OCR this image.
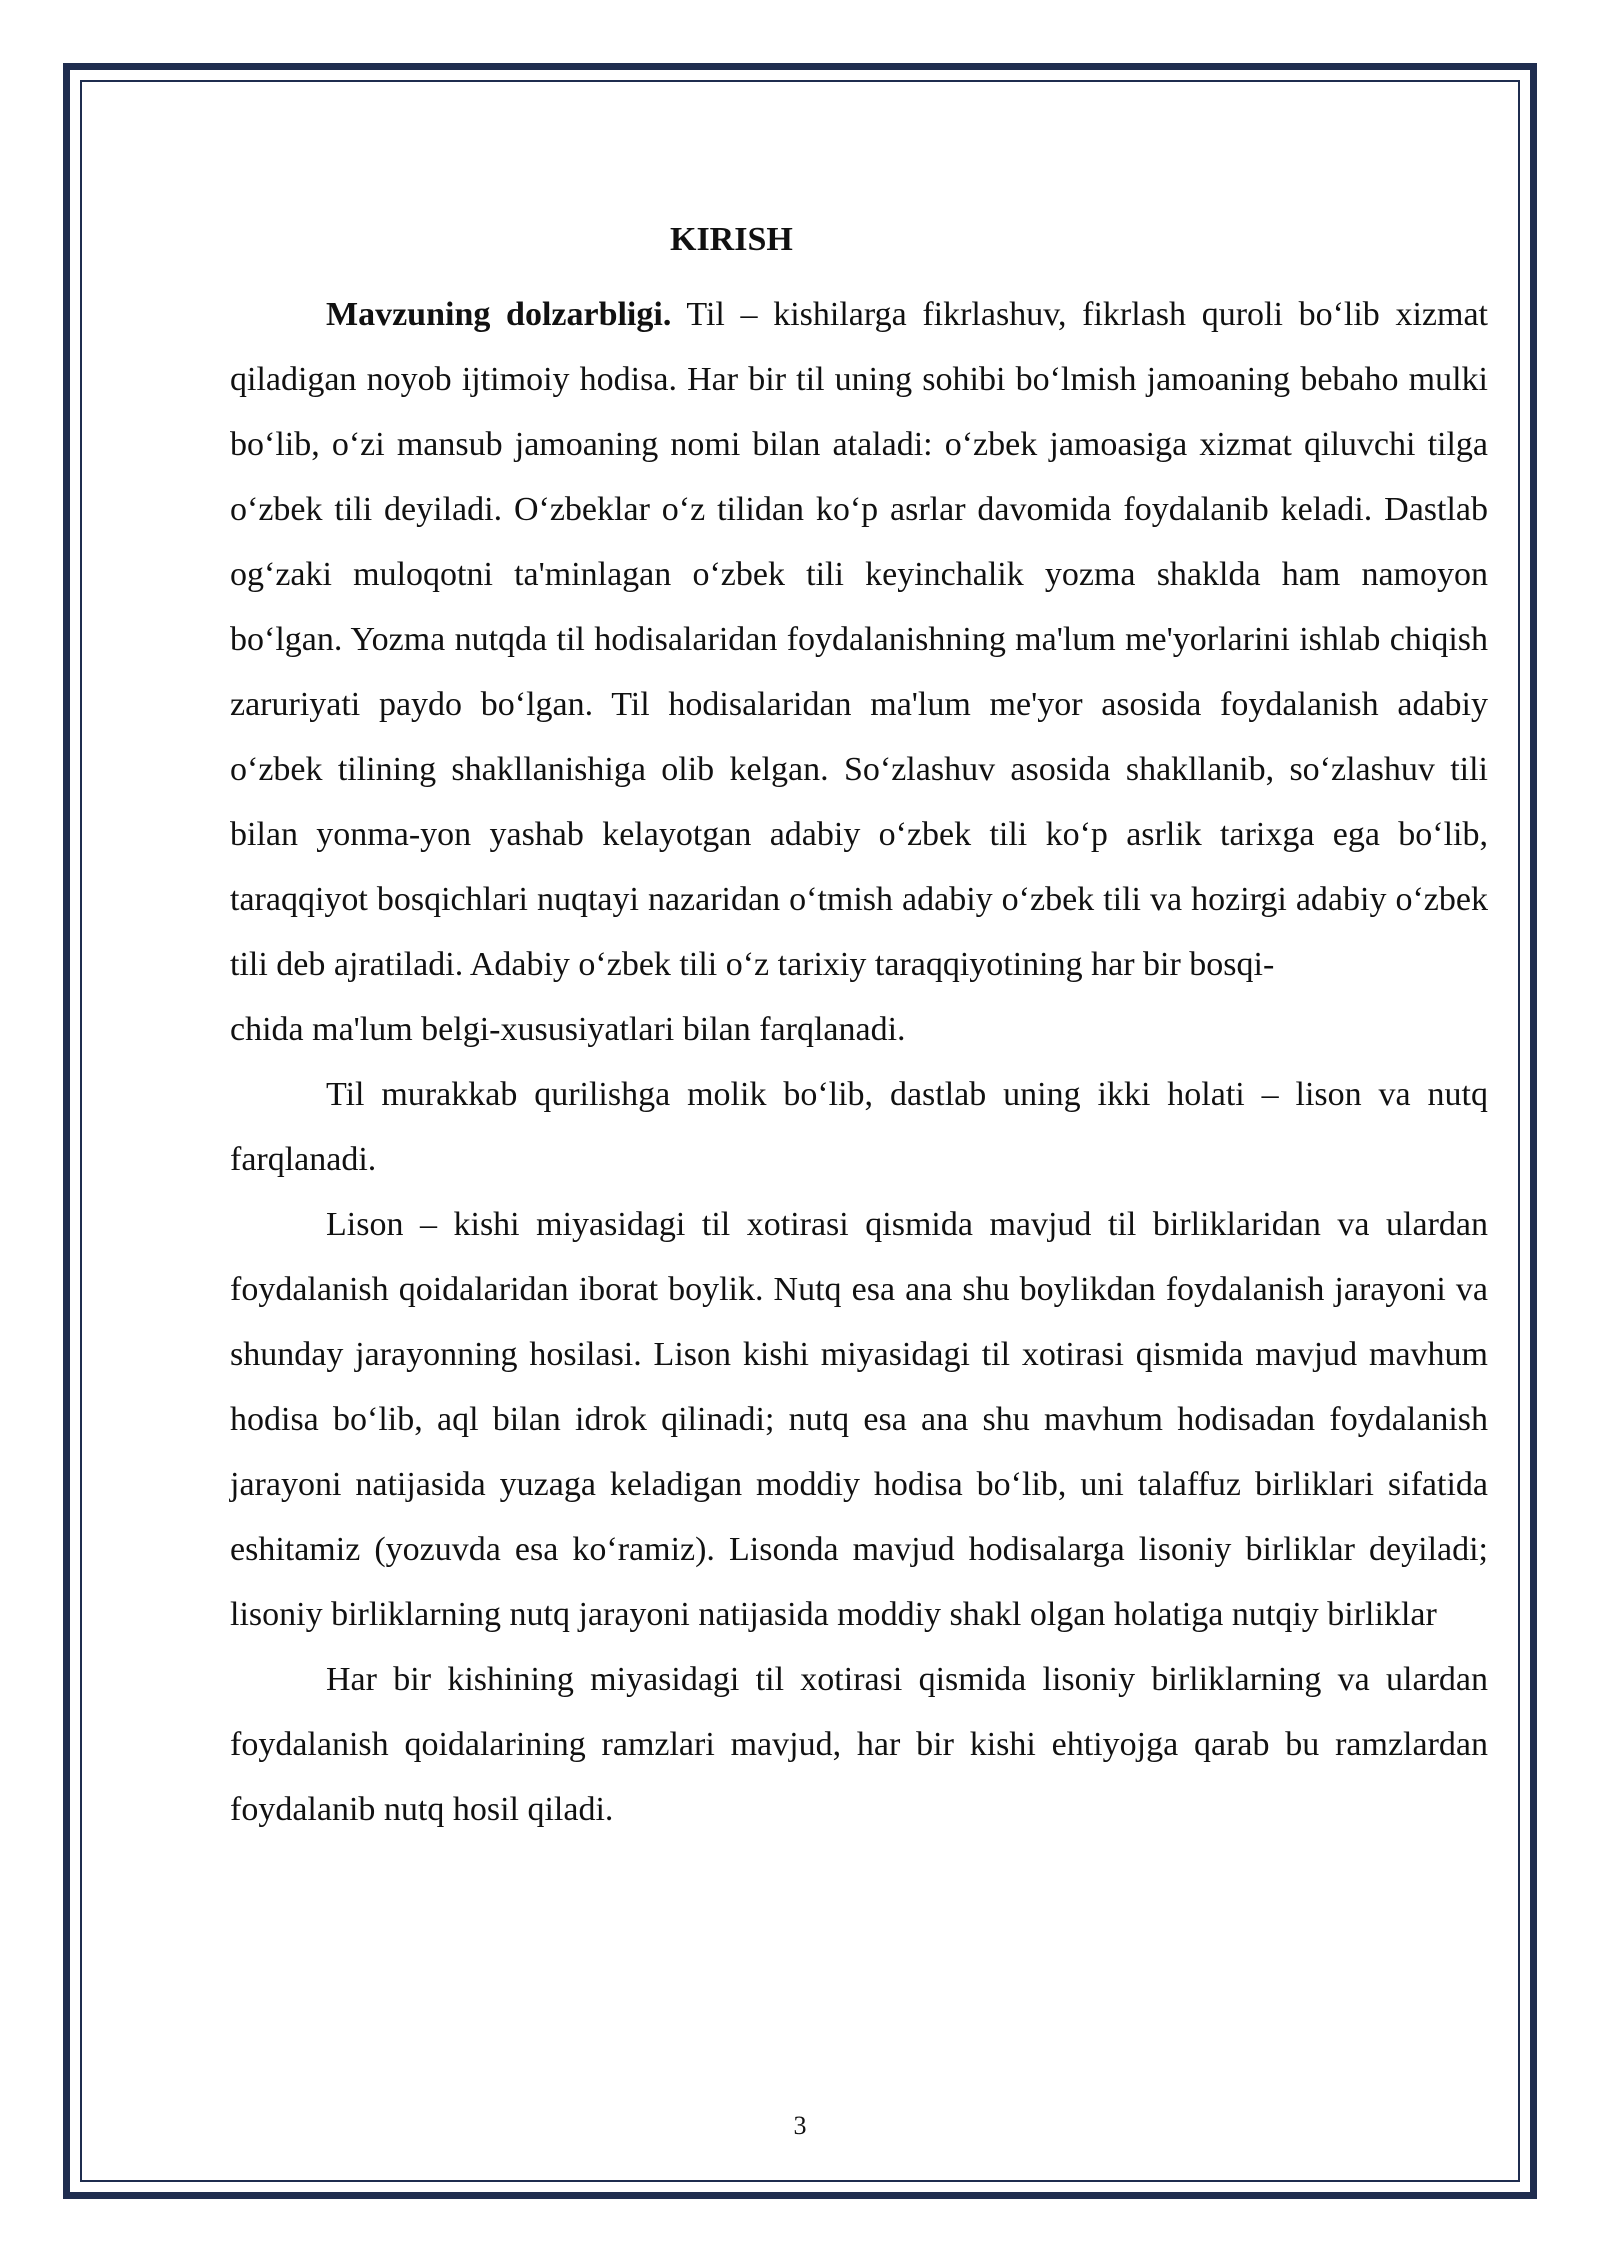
KIRISH

Mavzuning dolzarbligi. Til – kishilarga fikrlashuv, fikrlash quroli bo‘lib xizmat qiladigan noyob ijtimoiy hodisa. Har bir til uning sohibi bo‘lmish jamoaning bebaho mulki bo‘lib, o‘zi mansub jamoaning nomi bilan ataladi: o‘zbek jamoasiga xizmat qiluvchi tilga o‘zbek tili deyiladi. O‘zbeklar o‘z tilidan ko‘p asrlar davomida foydalanib keladi. Dastlab og‘zaki muloqotni ta'minlagan o‘zbek tili keyinchalik yozma shaklda ham namoyon bo‘lgan. Yozma nutqda til hodisalaridan foydalanishning ma'lum me'yorlarini ishlab chiqish zaruriyati paydo bo‘lgan. Til hodisalaridan ma'lum me'yor asosida foydalanish adabiy o‘zbek tilining shakllanishiga olib kelgan. So‘zlashuv asosida shakllanib, so‘zlashuv tili bilan yonma-yon yashab kelayotgan adabiy o‘zbek tili ko‘p asrlik tarixga ega bo‘lib, taraqqiyot bosqichlari nuqtayi nazaridan o‘tmish adabiy o‘zbek tili va hozirgi adabiy o‘zbek tili deb ajratiladi. Adabiy o‘zbek tili o‘z tarixiy taraqqiyotining har bir bosqi-

chida ma'lum belgi-xususiyatlari bilan farqlanadi.

Til murakkab qurilishga molik bo‘lib, dastlab uning ikki holati – lison va nutq farqlanadi.

Lison – kishi miyasidagi til xotirasi qismida mavjud til birliklaridan va ulardan foydalanish qoidalaridan iborat boylik. Nutq esa ana shu boylikdan foydalanish jarayoni va shunday jarayonning hosilasi. Lison kishi miyasidagi til xotirasi qismida mavjud mavhum hodisa bo‘lib, aql bilan idrok qilinadi; nutq esa ana shu mavhum hodisadan foydalanish jarayoni natijasida yuzaga keladigan moddiy hodisa bo‘lib, uni talaffuz birliklari sifatida eshitamiz (yozuvda esa ko‘ramiz). Lisonda mavjud hodisalarga lisoniy birliklar deyiladi; lisoniy birliklarning nutq jarayoni natijasida moddiy shakl olgan holatiga nutqiy birliklar

Har bir kishining miyasidagi til xotirasi qismida lisoniy birliklarning va ulardan foydalanish qoidalarining ramzlari mavjud, har bir kishi ehtiyojga qarab bu ramzlardan foydalanib nutq hosil qiladi.

3
